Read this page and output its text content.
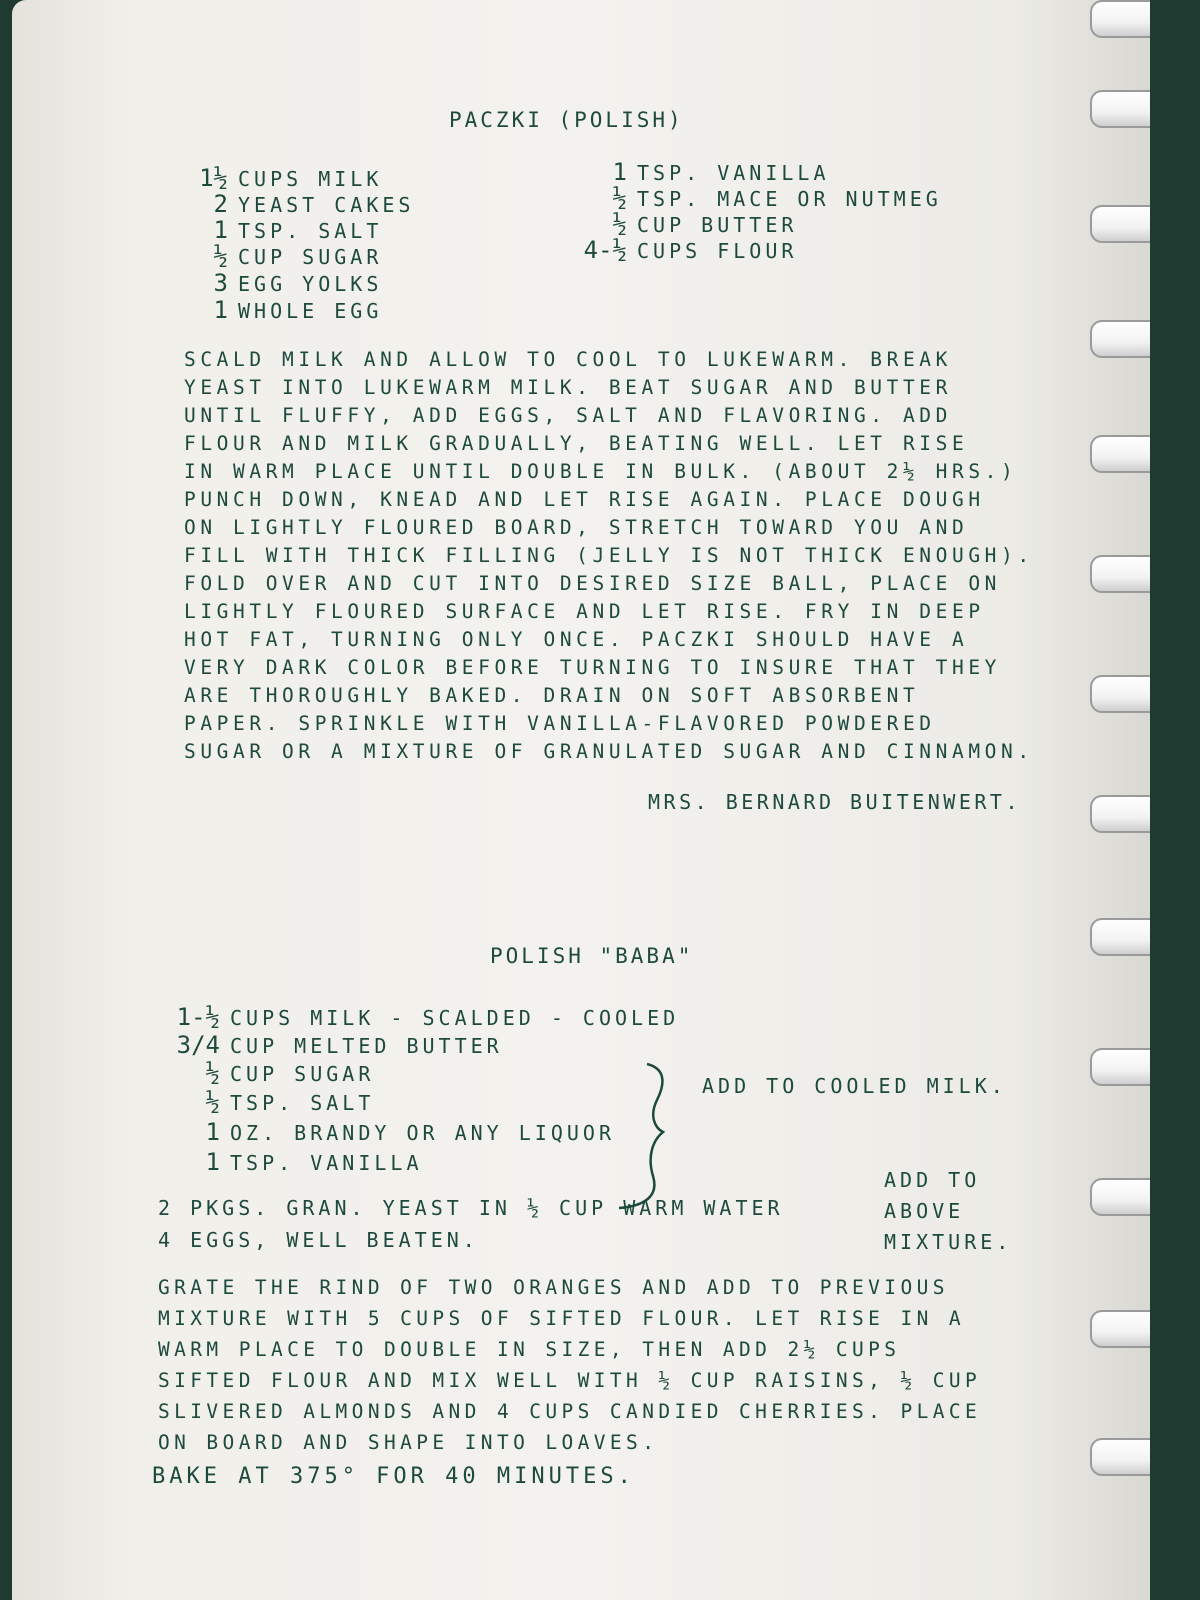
PACZKI (POLISH)
1½ CUPS MILK
2 YEAST CAKES
1 TSP. SALT
½ CUP SUGAR
3 EGG YOLKS
1 WHOLE EGG
1 TSP. VANILLA
½ TSP. MACE OR NUTMEG
½ CUP BUTTER
4-½ CUPS FLOUR
SCALD MILK AND ALLOW TO COOL TO LUKEWARM. BREAK
YEAST INTO LUKEWARM MILK. BEAT SUGAR AND BUTTER
UNTIL FLUFFY, ADD EGGS, SALT AND FLAVORING. ADD
FLOUR AND MILK GRADUALLY, BEATING WELL. LET RISE
IN WARM PLACE UNTIL DOUBLE IN BULK. (ABOUT 2½ HRS.)
PUNCH DOWN, KNEAD AND LET RISE AGAIN. PLACE DOUGH
ON LIGHTLY FLOURED BOARD, STRETCH TOWARD YOU AND
FILL WITH THICK FILLING (JELLY IS NOT THICK ENOUGH).
FOLD OVER AND CUT INTO DESIRED SIZE BALL, PLACE ON
LIGHTLY FLOURED SURFACE AND LET RISE. FRY IN DEEP
HOT FAT, TURNING ONLY ONCE. PACZKI SHOULD HAVE A
VERY DARK COLOR BEFORE TURNING TO INSURE THAT THEY
ARE THOROUGHLY BAKED. DRAIN ON SOFT ABSORBENT
PAPER. SPRINKLE WITH VANILLA-FLAVORED POWDERED
SUGAR OR A MIXTURE OF GRANULATED SUGAR AND CINNAMON.
MRS. BERNARD BUITENWERT.
POLISH "BABA"
1-½ CUPS MILK - SCALDED - COOLED
3/4 CUP MELTED BUTTER
½ CUP SUGAR
½ TSP. SALT
1 OZ. BRANDY OR ANY LIQUOR
1 TSP. VANILLA
ADD TO COOLED MILK.
2 PKGS. GRAN. YEAST IN ½ CUP WARM WATER
4 EGGS, WELL BEATEN.
ADD TO
ABOVE
MIXTURE.
GRATE THE RIND OF TWO ORANGES AND ADD TO PREVIOUS
MIXTURE WITH 5 CUPS OF SIFTED FLOUR. LET RISE IN A
WARM PLACE TO DOUBLE IN SIZE, THEN ADD 2½ CUPS
SIFTED FLOUR AND MIX WELL WITH ½ CUP RAISINS, ½ CUP
SLIVERED ALMONDS AND 4 CUPS CANDIED CHERRIES. PLACE
ON BOARD AND SHAPE INTO LOAVES.
BAKE AT 375° FOR 40 MINUTES.
